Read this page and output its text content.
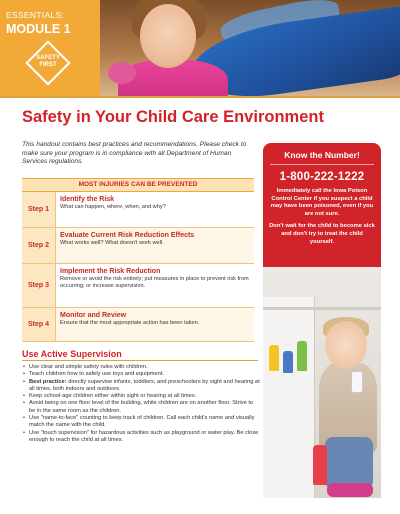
ESSENTIALS:
MODULE 1
SAFETY
FIRST
Safety in Your Child Care Environment
This handout contains best practices and recommendations. Please check to make sure your program is in compliance with all Department of Human Services regulations.
MOST INJURIES CAN BE PREVENTED
Step 1
Identify the Risk
What can happen, where, when, and why?
Step 2
Evaluate Current Risk Reduction Effects
What works well? What doesn't work well.
Step 3
Implement the Risk Reduction
Remove or avoid the risk entirely; put measures in place to prevent risk from occurring; or increase supervision.
Step 4
Monitor and Review
Ensure that the most appropriate action has been taken.
Use Active Supervision
• Use clear and simple safety rules with children.
• Teach children how to safely use toys and equipment.
• Best practice: directly supervise infants, toddlers, and preschoolers by sight and hearing at all times, both indoors and outdoors.
• Keep school-age children either within sight or hearing at all times.
• Avoid being on one floor level of the building, while children are on another floor. Strive to be in the same room as the children.
• Use "name-to-face" counting to keep track of children. Call each child's name and visually match the name with the child.
• Use "touch supervision" for hazardous activities such as playground or water play. Be close enough to reach the child at all times.
Know the Number!
1-800-222-1222
Immediately call the Iowa Poison Control Center if you suspect a child may have been poisoned, even if you are not sure.
Don't wait for the child to become sick and don't try to treat the child yourself.
